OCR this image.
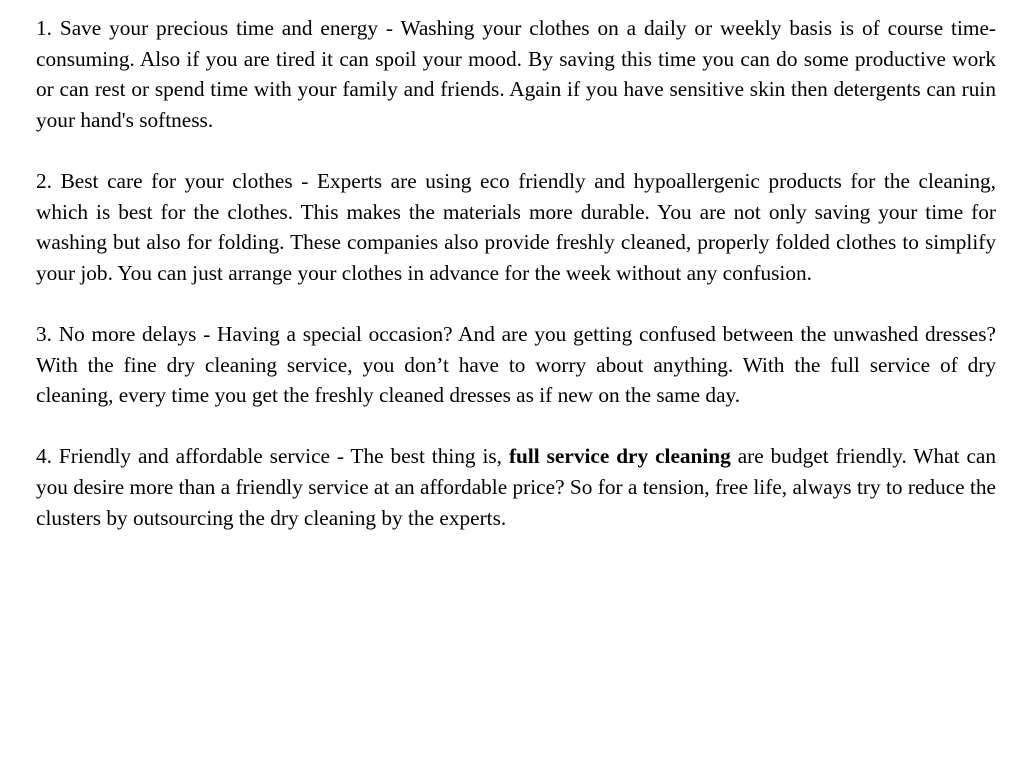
1. Save your precious time and energy - Washing your clothes on a daily or weekly basis is of course time-consuming. Also if you are tired it can spoil your mood. By saving this time you can do some productive work or can rest or spend time with your family and friends. Again if you have sensitive skin then detergents can ruin your hand's softness.

2. Best care for your clothes - Experts are using eco friendly and hypoallergenic products for the cleaning, which is best for the clothes. This makes the materials more durable. You are not only saving your time for washing but also for folding. These companies also provide freshly cleaned, properly folded clothes to simplify your job. You can just arrange your clothes in advance for the week without any confusion.

3. No more delays - Having a special occasion? And are you getting confused between the unwashed dresses? With the fine dry cleaning service, you don’t have to worry about anything. With the full service of dry cleaning, every time you get the freshly cleaned dresses as if new on the same day.

4. Friendly and affordable service - The best thing is, full service dry cleaning are budget friendly. What can you desire more than a friendly service at an affordable price? So for a tension, free life, always try to reduce the clusters by outsourcing the dry cleaning by the experts.
